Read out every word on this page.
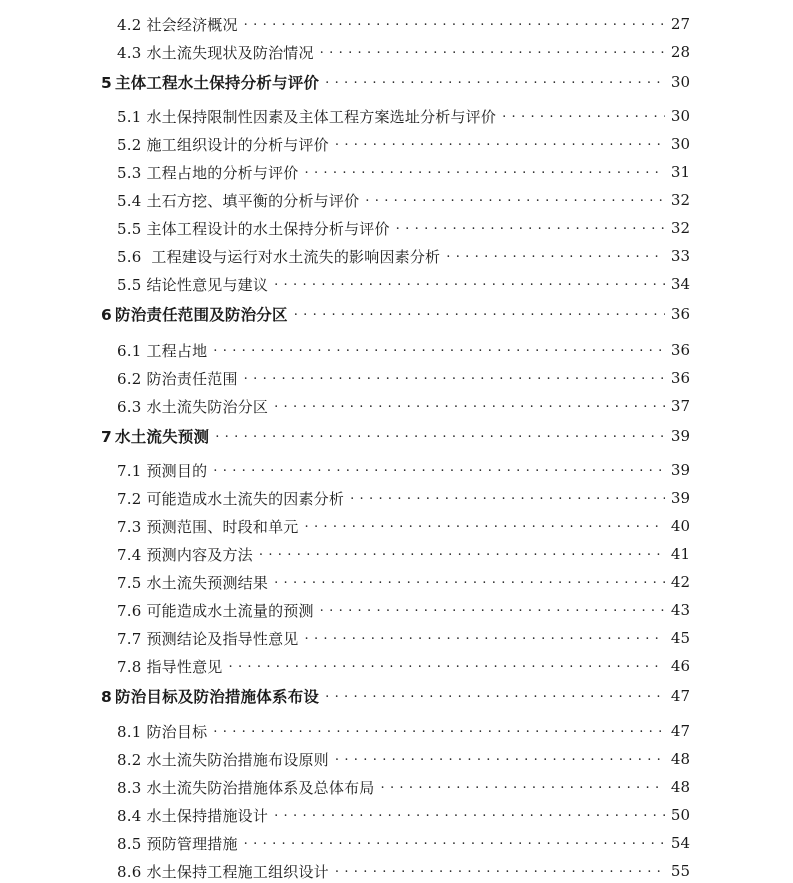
4.2 社会经济概况 . . .	27
4.3 水土流失现状及防治情况 . . .	28
5 主体工程水土保持分析与评价 . . .	30
5.1 水土保持限制性因素及主体工程方案选址分析与评价 . . .	30
5.2 施工组织设计的分析与评价 . . .	30
5.3 工程占地的分析与评价 . . .	31
5.4 土石方挖、填平衡的分析与评价 . . .	32
5.5 主体工程设计的水土保持分析与评价 . . .	32
5.6 工程建设与运行对水土流失的影响因素分析 . . .	33
5.5 结论性意见与建议 . . .	34
6 防治责任范围及防治分区 . . .	36
6.1 工程占地 . . .	36
6.2 防治责任范围 . . .	36
6.3 水土流失防治分区 . . .	37
7 水土流失预测 . . .	39
7.1 预测目的 . . .	39
7.2 可能造成水土流失的因素分析 . . .	39
7.3 预测范围、时段和单元 . . .	40
7.4 预测内容及方法 . . .	41
7.5 水土流失预测结果 . . .	42
7.6 可能造成水土流量的预测 . . .	43
7.7 预测结论及指导性意见 . . .	45
7.8 指导性意见 . . .	46
8 防治目标及防治措施体系布设 . . .	47
8.1 防治目标 . . .	47
8.2 水土流失防治措施布设原则 . . .	48
8.3 水土流失防治措施体系及总体布局 . . .	48
8.4 水土保持措施设计 . . .	50
8.5 预防管理措施 . . .	54
8.6 水土保持工程施工组织设计 . . .	55
